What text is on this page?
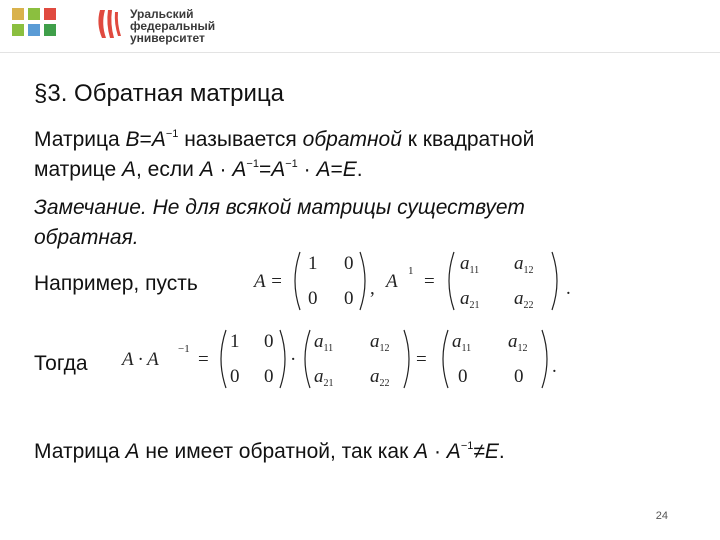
Уральский
федеральный
университет
§3. Обратная матрица
Матрица $B=A^{-1}$ называется обратной к квадратной
матрице A, если $A \cdot A^{-1}=A^{-1} \cdot A=E$.
Замечание. Не для всякой матрицы существует
обратная.
Например, пусть	A =
1 0
0 0 , A 1 =
$a_{11}$ $a_{12}$
$a_{21}$ $a_{22}$
.
Тогда A · A −1 =
1 0
0 0
·
$a_{11}$ $a_{12}$
$a_{21}$ $a_{22}$
=
$a_{11}$ $a_{12}$
0 0 .
Матрица A не имеет обратной, так как $A \cdot A^{-1}\ne E$.
24
